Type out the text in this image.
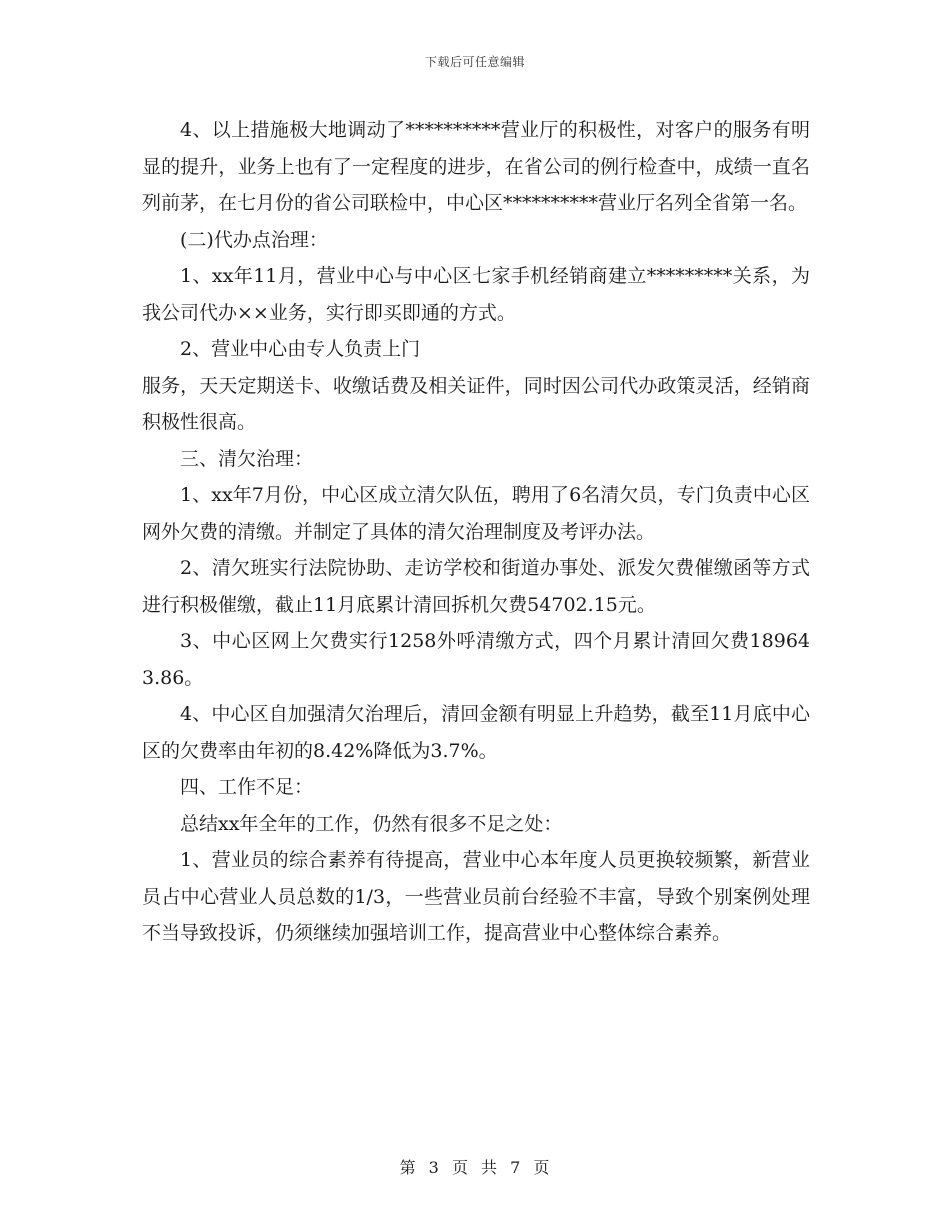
下载后可任意编辑

4、以上措施极大地调动了**********营业厅的积极性，对客户的服务有明显的提升，业务上也有了一定程度的进步，在省公司的例行检查中，成绩一直名列前茅，在七月份的省公司联检中，中心区**********营业厅名列全省第一名。

(二)代办点治理：

1、xx年11月，营业中心与中心区七家手机经销商建立*********关系，为我公司代办××业务，实行即买即通的方式。

2、营业中心由专人负责上门

服务，天天定期送卡、收缴话费及相关证件，同时因公司代办政策灵活，经销商积极性很高。

三、清欠治理：

1、xx年7月份，中心区成立清欠队伍，聘用了6名清欠员，专门负责中心区网外欠费的清缴。并制定了具体的清欠治理制度及考评办法。

2、清欠班实行法院协助、走访学校和街道办事处、派发欠费催缴函等方式进行积极催缴，截止11月底累计清回拆机欠费54702.15元。

3、中心区网上欠费实行1258外呼清缴方式，四个月累计清回欠费189643.86。

4、中心区自加强清欠治理后，清回金额有明显上升趋势，截至11月底中心区的欠费率由年初的8.42%降低为3.7%。

四、工作不足：

总结xx年全年的工作，仍然有很多不足之处：

1、营业员的综合素养有待提高，营业中心本年度人员更换较频繁，新营业员占中心营业人员总数的1/3，一些营业员前台经验不丰富，导致个别案例处理不当导致投诉，仍须继续加强培训工作，提高营业中心整体综合素养。

第 3 页 共 7 页
